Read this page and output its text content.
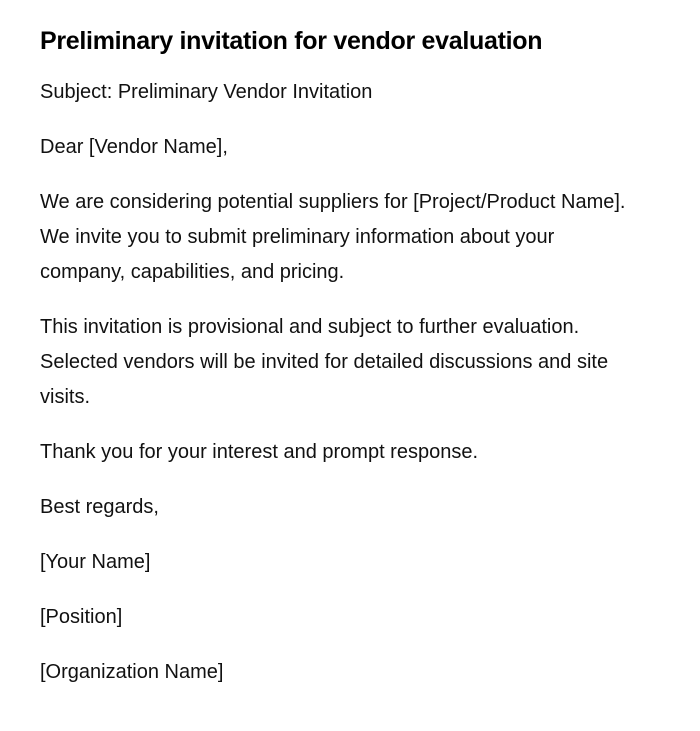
Preliminary invitation for vendor evaluation

Subject: Preliminary Vendor Invitation

Dear [Vendor Name],

We are considering potential suppliers for [Project/Product Name]. We invite you to submit preliminary information about your company, capabilities, and pricing.

This invitation is provisional and subject to further evaluation. Selected vendors will be invited for detailed discussions and site visits.

Thank you for your interest and prompt response.

Best regards,

[Your Name]

[Position]

[Organization Name]
